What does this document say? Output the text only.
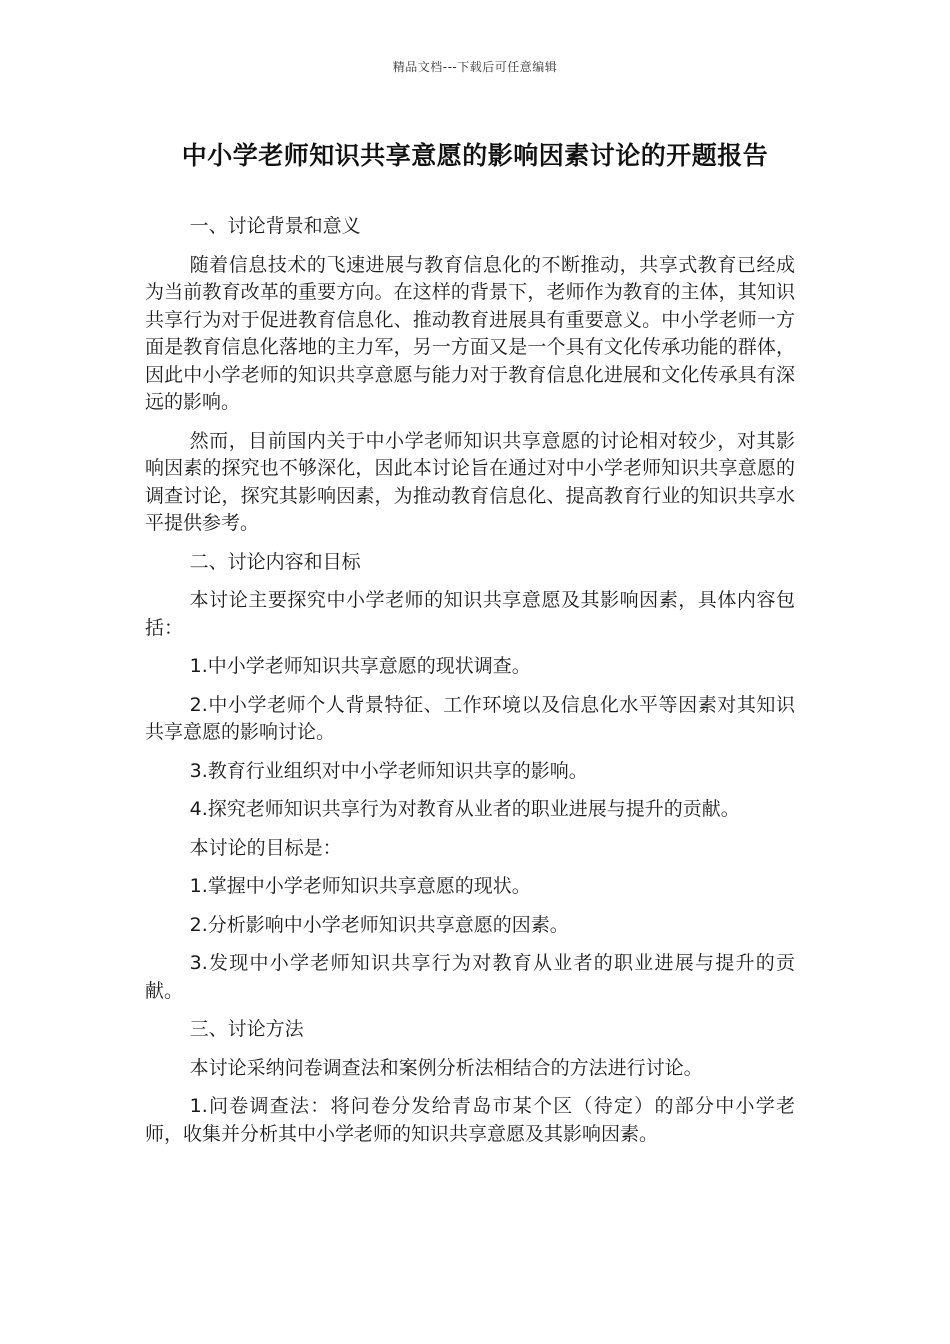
精品文档---下载后可任意编辑
中小学老师知识共享意愿的影响因素讨论的开题报告

一、讨论背景和意义

随着信息技术的飞速进展与教育信息化的不断推动，共享式教育已经成为当前教育改革的重要方向。在这样的背景下，老师作为教育的主体，其知识共享行为对于促进教育信息化、推动教育进展具有重要意义。中小学老师一方面是教育信息化落地的主力军，另一方面又是一个具有文化传承功能的群体，因此中小学老师的知识共享意愿与能力对于教育信息化进展和文化传承具有深远的影响。

然而，目前国内关于中小学老师知识共享意愿的讨论相对较少，对其影响因素的探究也不够深化，因此本讨论旨在通过对中小学老师知识共享意愿的调查讨论，探究其影响因素，为推动教育信息化、提高教育行业的知识共享水平提供参考。

二、讨论内容和目标

本讨论主要探究中小学老师的知识共享意愿及其影响因素，具体内容包括：

1.中小学老师知识共享意愿的现状调查。

2.中小学老师个人背景特征、工作环境以及信息化水平等因素对其知识共享意愿的影响讨论。

3.教育行业组织对中小学老师知识共享的影响。

4.探究老师知识共享行为对教育从业者的职业进展与提升的贡献。

本讨论的目标是：

1.掌握中小学老师知识共享意愿的现状。

2.分析影响中小学老师知识共享意愿的因素。

3.发现中小学老师知识共享行为对教育从业者的职业进展与提升的贡献。

三、讨论方法

本讨论采纳问卷调查法和案例分析法相结合的方法进行讨论。

1.问卷调查法：将问卷分发给青岛市某个区（待定）的部分中小学老师，收集并分析其中小学老师的知识共享意愿及其影响因素。
